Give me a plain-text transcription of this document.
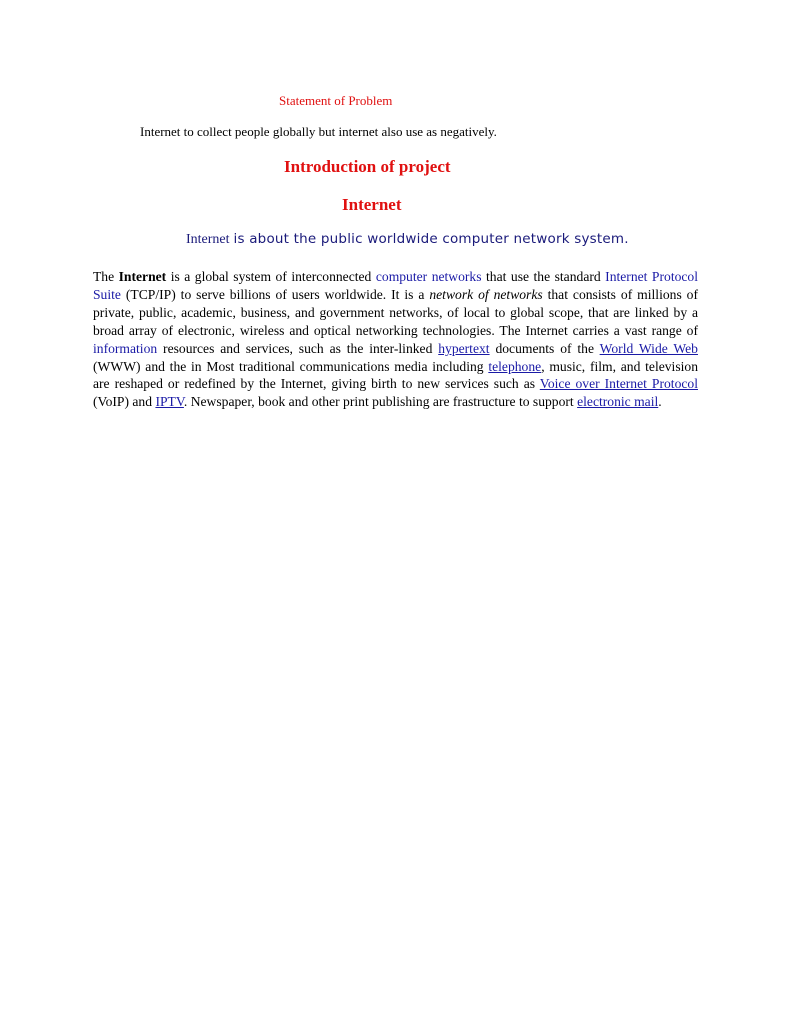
Statement of Problem
Internet to collect people globally but internet also use as negatively.
Introduction of project
Internet
Internet is about the public worldwide computer network system.

The Internet is a global system of interconnected computer networks that use the standard Internet Protocol Suite (TCP/IP) to serve billions of users worldwide. It is a network of networks that consists of millions of private, public, academic, business, and government networks, of local to global scope, that are linked by a broad array of electronic, wireless and optical networking technologies. The Internet carries a vast range of information resources and services, such as the inter-linked hypertext documents of the World Wide Web (WWW) and the in Most traditional communications media including telephone, music, film, and television are reshaped or redefined by the Internet, giving birth to new services such as Voice over Internet Protocol (VoIP) and IPTV. Newspaper, book and other print publishing are frastructure to support electronic mail.
